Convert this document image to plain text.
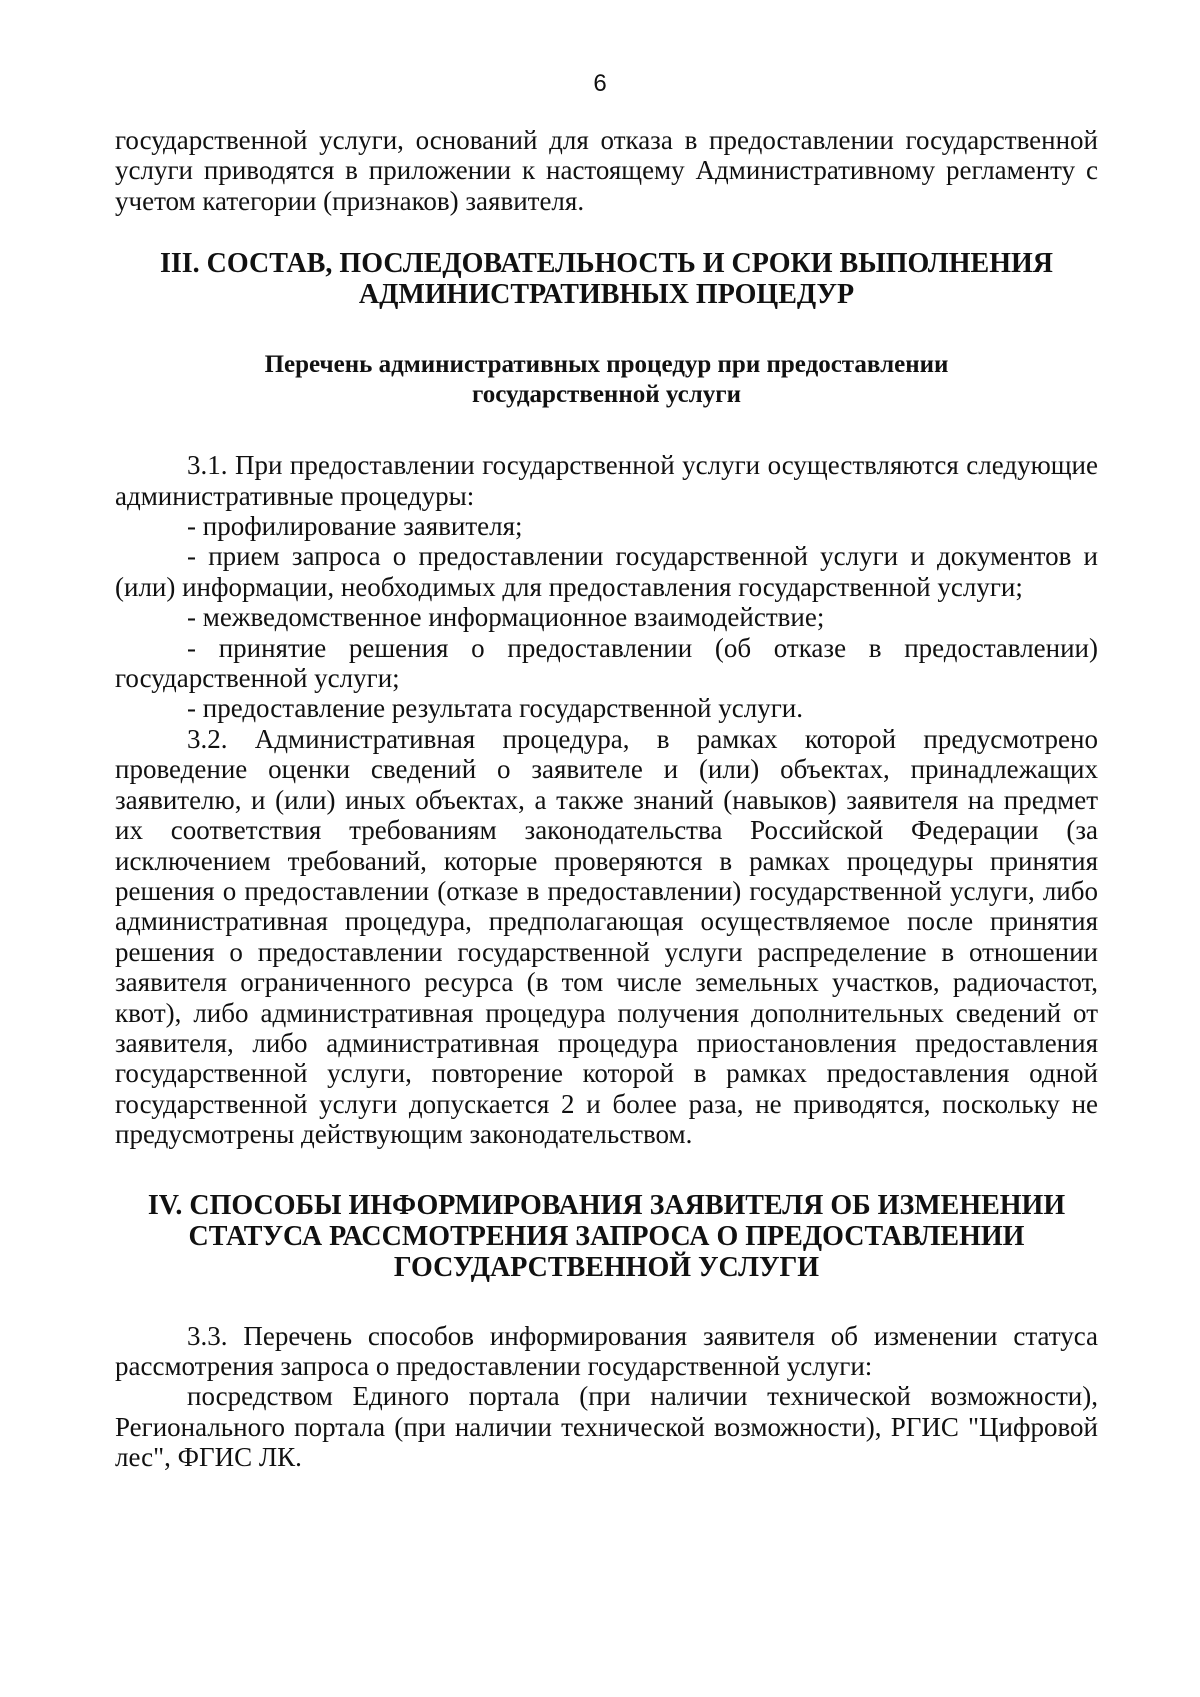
6

государственной услуги, оснований для отказа в предоставлении государственной услуги приводятся в приложении к настоящему Административному регламенту с учетом категории (признаков) заявителя.

III. СОСТАВ, ПОСЛЕДОВАТЕЛЬНОСТЬ И СРОКИ ВЫПОЛНЕНИЯ
АДМИНИСТРАТИВНЫХ ПРОЦЕДУР
Перечень административных процедур при предоставлении
государственной услуги

3.1. При предоставлении государственной услуги осуществляются следующие административные процедуры:

- профилирование заявителя;

- прием запроса о предоставлении государственной услуги и документов и (или) информации, необходимых для предоставления государственной услуги;

- межведомственное информационное взаимодействие;

- принятие решения о предоставлении (об отказе в предоставлении) государственной услуги;

- предоставление результата государственной услуги.

3.2. Административная процедура, в рамках которой предусмотрено проведение оценки сведений о заявителе и (или) объектах, принадлежащих заявителю, и (или) иных объектах, а также знаний (навыков) заявителя на предмет их соответствия требованиям законодательства Российской Федерации (за исключением требований, которые проверяются в рамках процедуры принятия решения о предоставлении (отказе в предоставлении) государственной услуги, либо административная процедура, предполагающая осуществляемое после принятия решения о предоставлении государственной услуги распределение в отношении заявителя ограниченного ресурса (в том числе земельных участков, радиочастот, квот), либо административная процедура получения дополнительных сведений от заявителя, либо административная процедура приостановления предоставления государственной услуги, повторение которой в рамках предоставления одной государственной услуги допускается 2 и более раза, не приводятся, поскольку не предусмотрены действующим законодательством.

IV. СПОСОБЫ ИНФОРМИРОВАНИЯ ЗАЯВИТЕЛЯ ОБ ИЗМЕНЕНИИ
СТАТУСА РАССМОТРЕНИЯ ЗАПРОСА О ПРЕДОСТАВЛЕНИИ
ГОСУДАРСТВЕННОЙ УСЛУГИ

3.3. Перечень способов информирования заявителя об изменении статуса рассмотрения запроса о предоставлении государственной услуги:

посредством Единого портала (при наличии технической возможности), Регионального портала (при наличии технической возможности), РГИС "Цифровой лес", ФГИС ЛК.
